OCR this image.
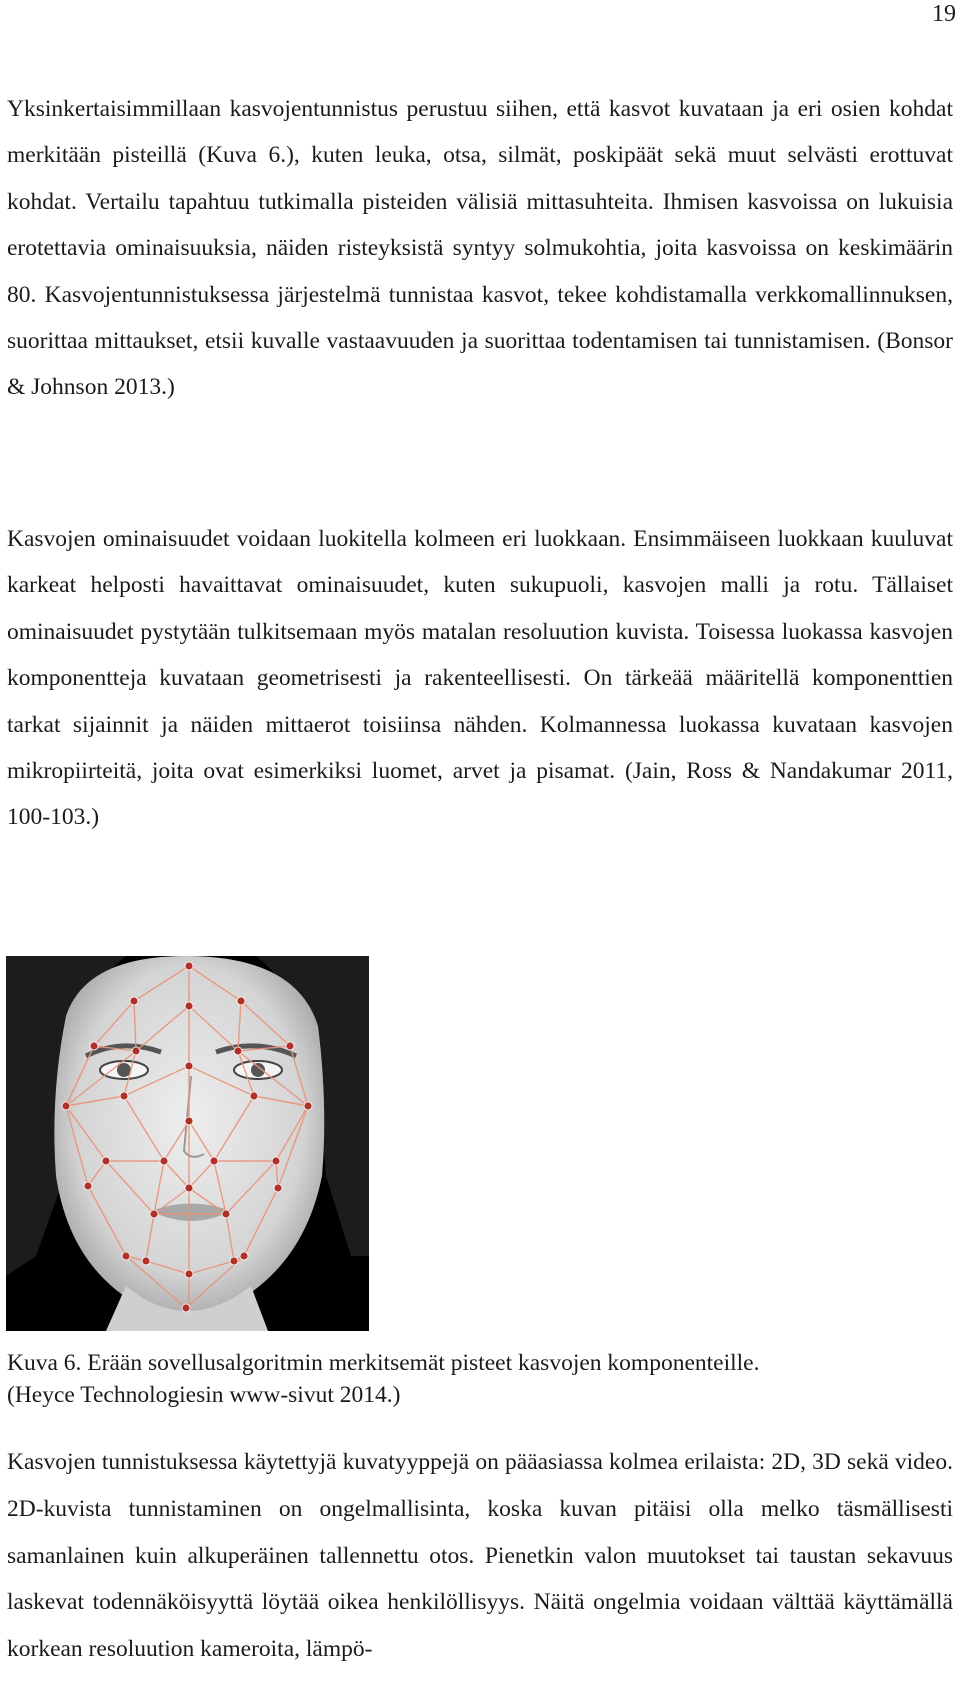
19

Yksinkertaisimmillaan kasvojentunnistus perustuu siihen, että kasvot kuvataan ja eri osien kohdat merkitään pisteillä (Kuva 6.), kuten leuka, otsa, silmät, poskipäät sekä muut selvästi erottuvat kohdat. Vertailu tapahtuu tutkimalla pisteiden välisiä mittasuhteita. Ihmisen kasvoissa on lukuisia erotettavia ominaisuuksia, näiden risteyksistä syntyy solmukohtia, joita kasvoissa on keskimäärin 80. Kasvojentunnistuksessa järjestelmä tunnistaa kasvot, tekee kohdistamalla verkkomallinnuksen, suorittaa mittaukset, etsii kuvalle vastaavuuden ja suorittaa todentamisen tai tunnistamisen. (Bonsor & Johnson 2013.)

Kasvojen ominaisuudet voidaan luokitella kolmeen eri luokkaan. Ensimmäiseen luokkaan kuuluvat karkeat helposti havaittavat ominaisuudet, kuten sukupuoli, kasvojen malli ja rotu. Tällaiset ominaisuudet pystytään tulkitsemaan myös matalan resoluution kuvista. Toisessa luokassa kasvojen komponentteja kuvataan geometrisesti ja rakenteellisesti. On tärkeää määritellä komponenttien tarkat sijainnit ja näiden mittaerot toisiinsa nähden. Kolmannessa luokassa kuvataan kasvojen mikropiirteitä, joita ovat esimerkiksi luomet, arvet ja pisamat. (Jain, Ross & Nandakumar 2011, 100-103.)

Kuva 6. Erään sovellusalgoritmin merkitsemät pisteet kasvojen komponenteille.
(Heyce Technologiesin www-sivut 2014.)

Kasvojen tunnistuksessa käytettyjä kuvatyyppejä on pääasiassa kolmea erilaista: 2D, 3D sekä video. 2D-kuvista tunnistaminen on ongelmallisinta, koska kuvan pitäisi olla melko täsmällisesti samanlainen kuin alkuperäinen tallennettu otos. Pienetkin valon muutokset tai taustan sekavuus laskevat todennäköisyyttä löytää oikea henkilöllisyys. Näitä ongelmia voidaan välttää käyttämällä korkean resoluution kameroita, lämpö-
